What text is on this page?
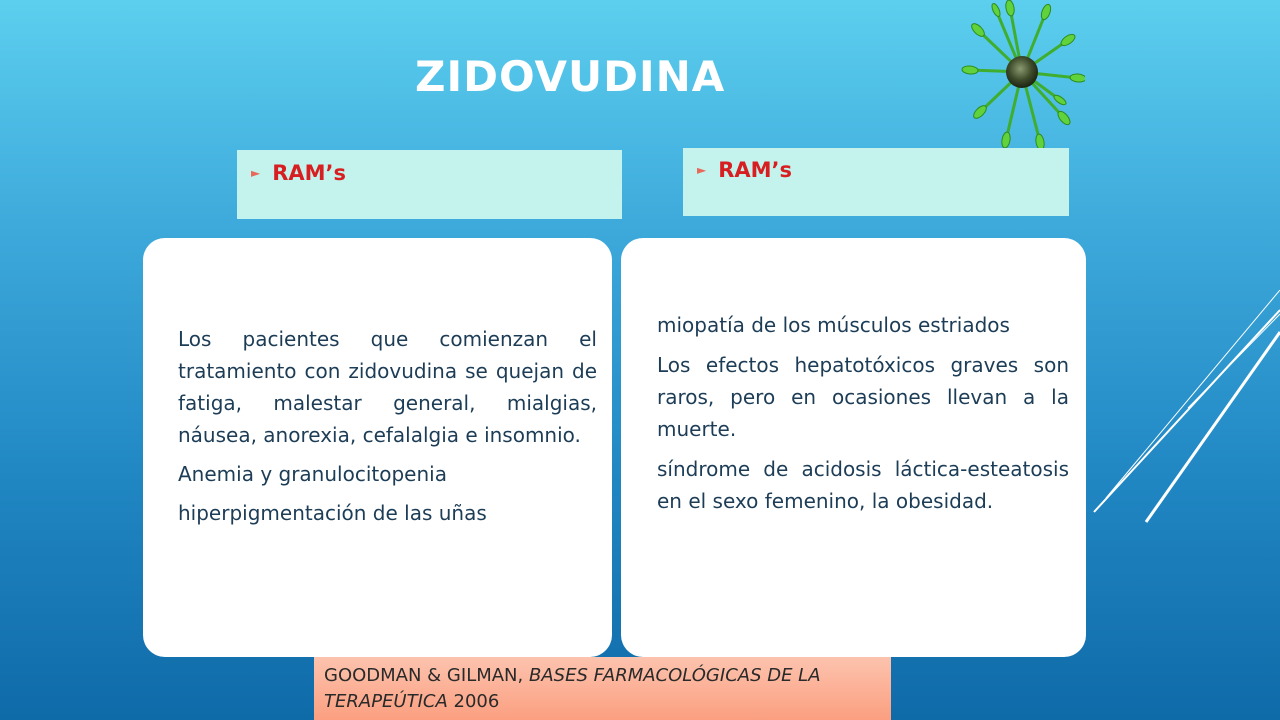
ZIDOVUDINA
► RAM’s	► RAM’s

Los pacientes que comienzan el tratamiento con zidovudina se quejan de fatiga, malestar general, mialgias, náusea, anorexia, cefalalgia e insomnio.

Anemia y granulocitopenia

hiperpigmentación de las uñas

miopatía de los músculos estriados

Los efectos hepatotóxicos graves son raros, pero en ocasiones llevan a la muerte.

síndrome de acidosis láctica-esteatosis en el sexo femenino, la obesidad.

GOODMAN & GILMAN, BASES FARMACOLÓGICAS DE LA TERAPEÚTICA 2006
